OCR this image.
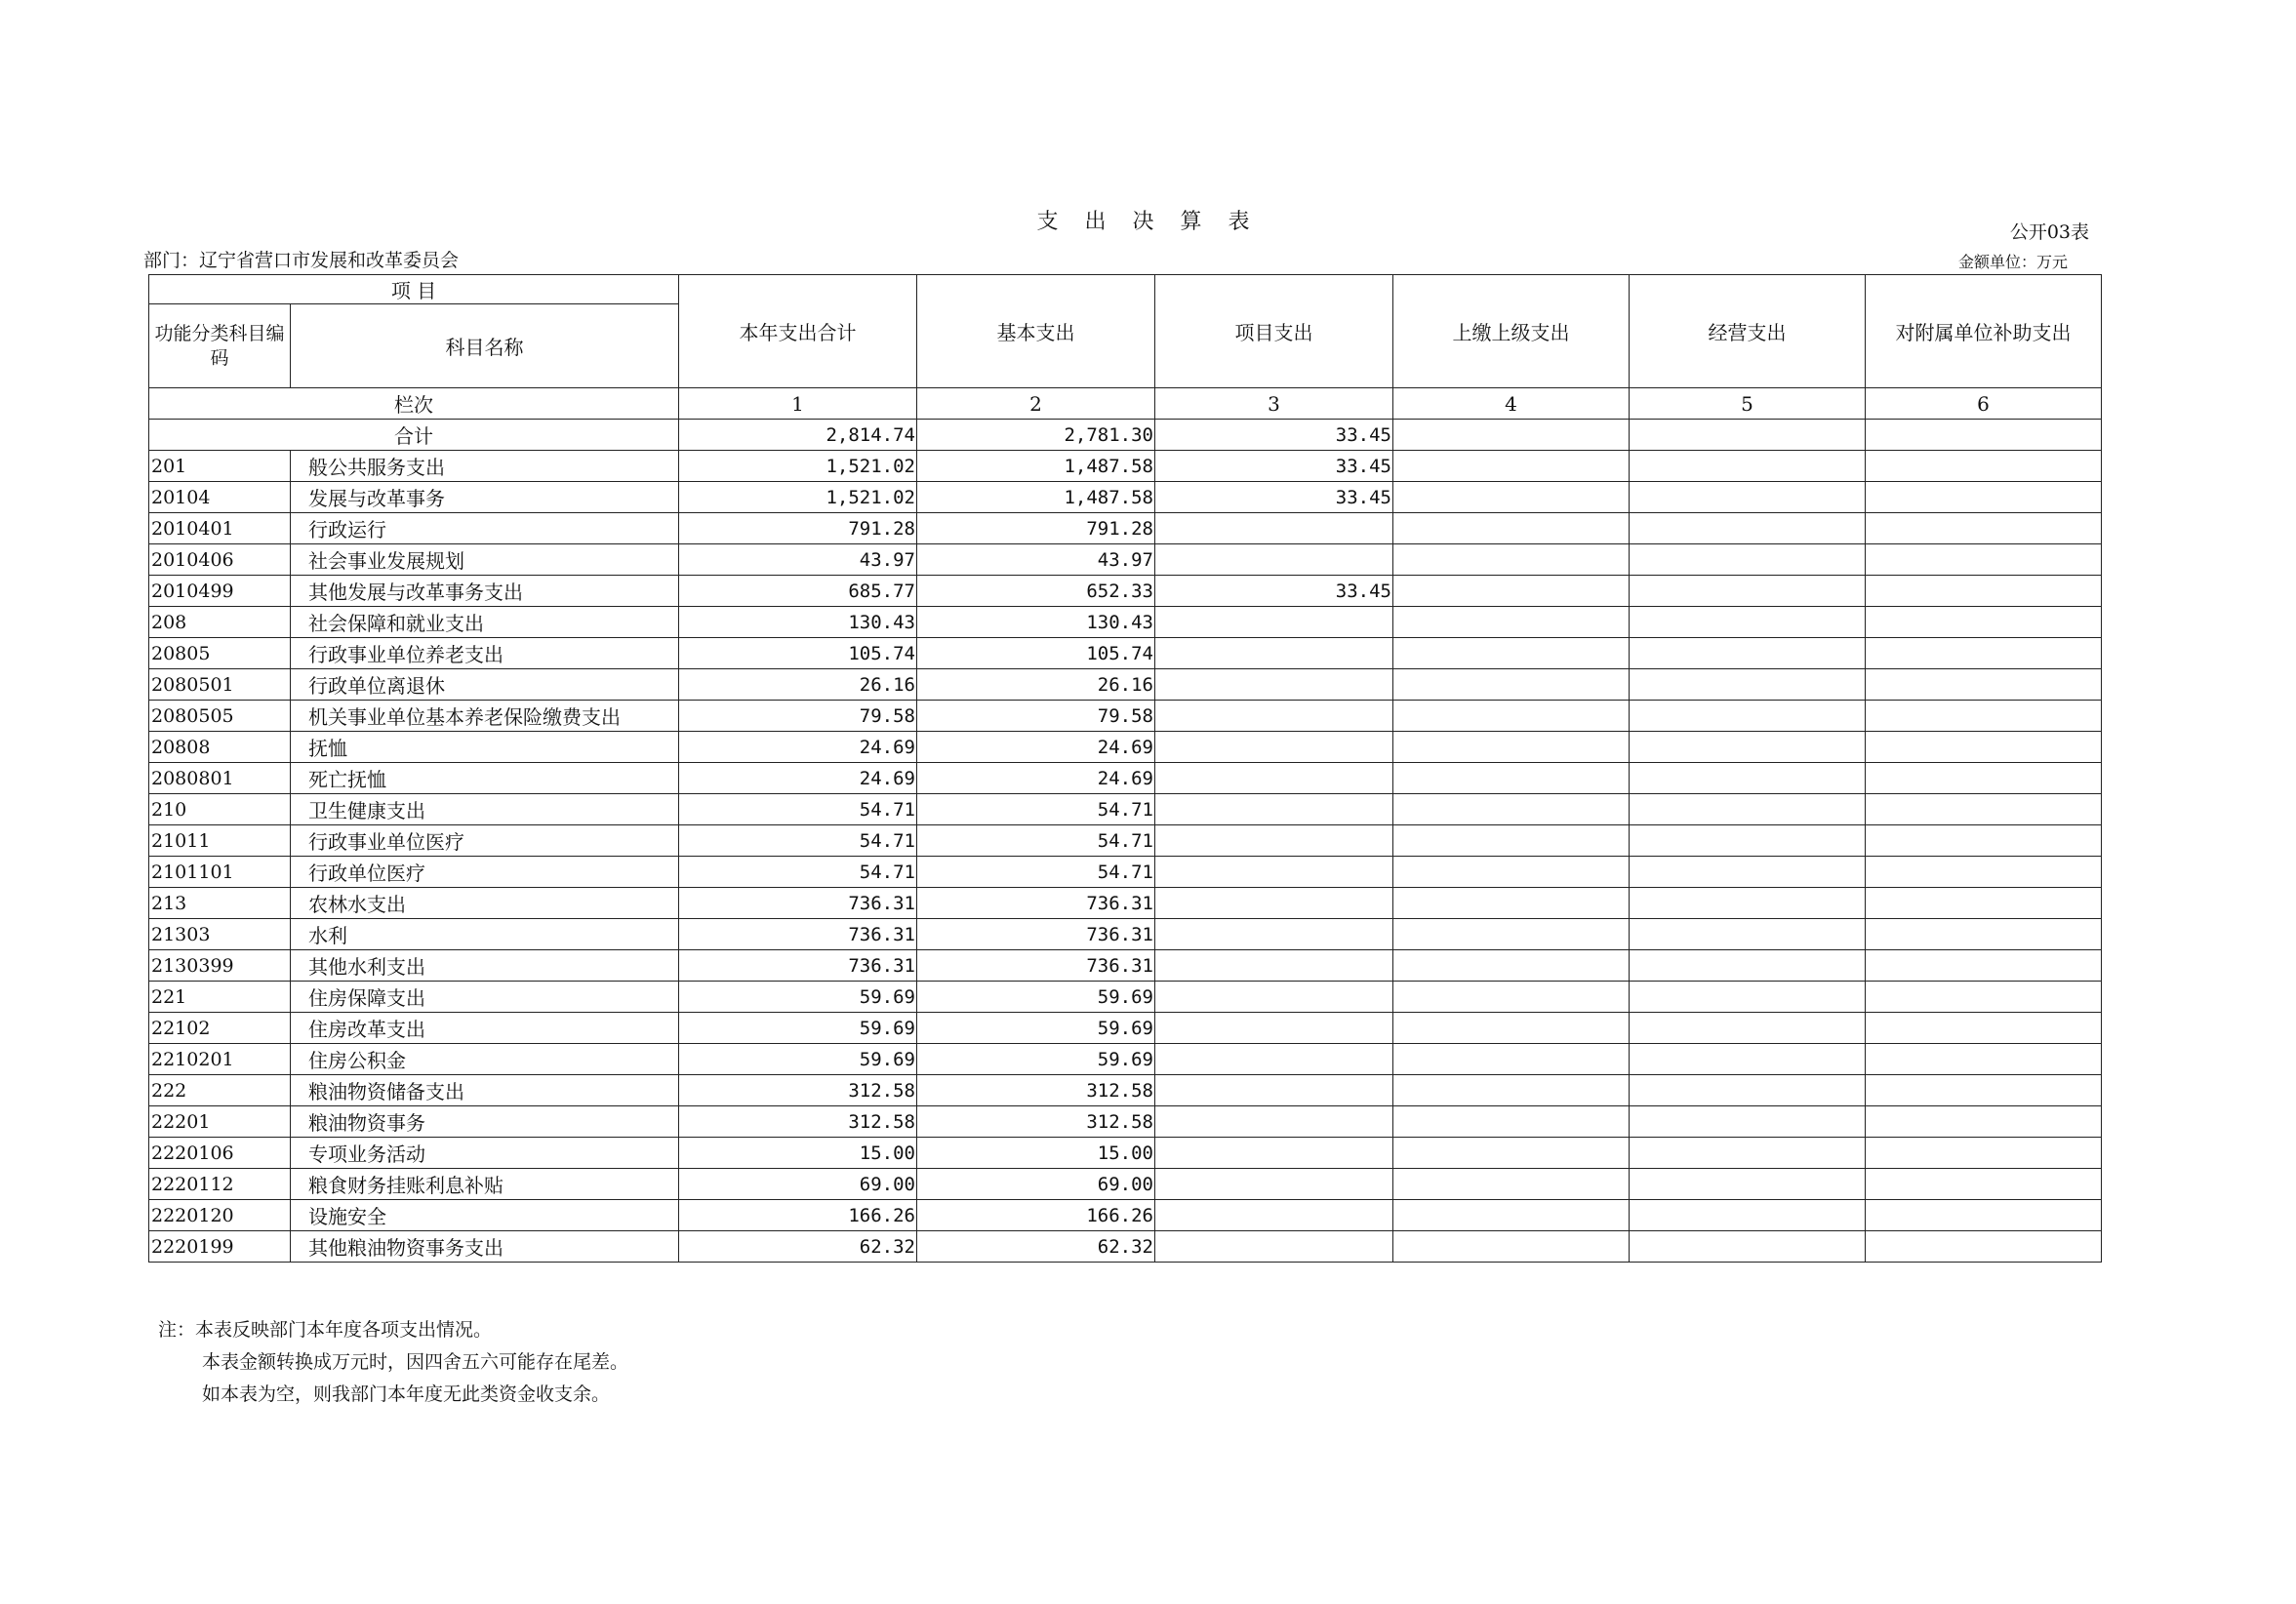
支 出 决 算 表	公开03表
部门：辽宁省营口市发展和改革委员会	金额单位：万元
项 目		本年支出合计	基本支出	项目支出	上缴上级支出	经营支出	对附属单位补助支出
功能分类科目编码	科目名称						
栏次		1	2	3	4	5	6
合计		2,814.74	2,781.30	33.45			
201	般公共服务支出	1,521.02	1,487.58	33.45			
20104	发展与改革事务	1,521.02	1,487.58	33.45			
2010401	行政运行	791.28	791.28				
2010406	社会事业发展规划	43.97	43.97				
2010499	其他发展与改革事务支出	685.77	652.33	33.45			
208	社会保障和就业支出	130.43	130.43				
20805	行政事业单位养老支出	105.74	105.74				
2080501	行政单位离退休	26.16	26.16				
2080505	机关事业单位基本养老保险缴费支出	79.58	79.58				
20808	抚恤	24.69	24.69				
2080801	死亡抚恤	24.69	24.69				
210	卫生健康支出	54.71	54.71				
21011	行政事业单位医疗	54.71	54.71				
2101101	行政单位医疗	54.71	54.71				
213	农林水支出	736.31	736.31				
21303	水利	736.31	736.31				
2130399	其他水利支出	736.31	736.31				
221	住房保障支出	59.69	59.69				
22102	住房改革支出	59.69	59.69				
2210201	住房公积金	59.69	59.69				
222	粮油物资储备支出	312.58	312.58				
22201	粮油物资事务	312.58	312.58				
2220106	专项业务活动	15.00	15.00				
2220112	粮食财务挂账利息补贴	69.00	69.00				
2220120	设施安全	166.26	166.26				
2220199	其他粮油物资事务支出	62.32	62.32				
注：本表反映部门本年度各项支出情况。
本表金额转换成万元时，因四舍五六可能存在尾差。
如本表为空，则我部门本年度无此类资金收支余。
